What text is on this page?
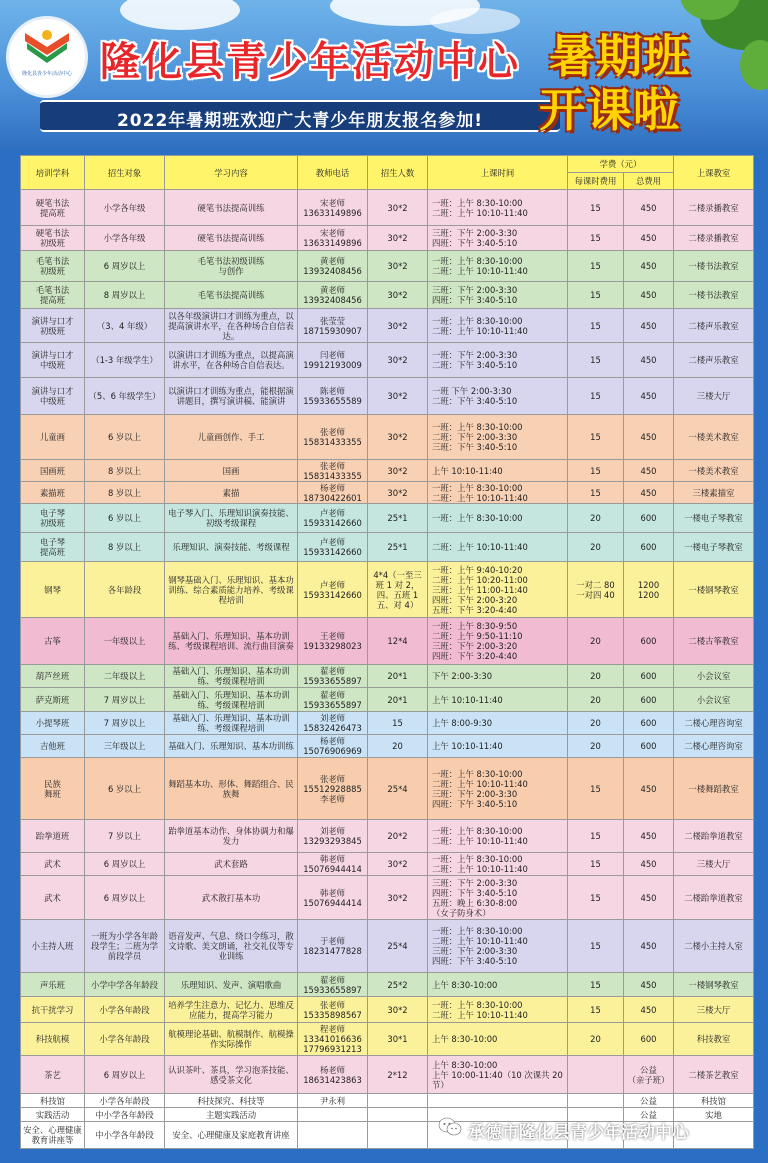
隆化县青少年活动中心 隆化县青少年活动中心
2022年暑期班欢迎广大青少年朋友报名参加!
暑期班
开课啦
培训学科	招生对象	学习内容	教师电话	招生人数	上课时间	学费（元）		上课教室
						每课时费用	总费用	
硬笔书法
提高班	小学各年级	硬笔书法提高训练	宋老师
13633149896	30*2	一班：上午 8:30-10:00
二班：上午 10:10-11:40	15	450	二楼录播教室
硬笔书法
初级班	小学各年级	硬笔书法提高训练	宋老师
13633149896	30*2	三班：下午 2:00-3:30
四班：下午 3:40-5:10	15	450	二楼录播教室
毛笔书法
初级班	6 周岁以上	毛笔书法初级训练
与创作	黄老师
13932408456	30*2	一班：上午 8:30-10:00
二班：上午 10:10-11:40	15	450	一楼书法教室
毛笔书法
提高班	8 周岁以上	毛笔书法提高训练	黄老师
13932408456	30*2	三班：下午 2:00-3:30
四班：下午 3:40-5:10	15	450	一楼书法教室
演讲与口才
初级班	（3、4 年级）	以各年级演讲口才训练为重点，以提高演讲水平，在各种场合自信表达。	张莹莹
18715930907	30*2	一班：上午 8:30-10:00
二班：上午 10:10-11:40	15	450	二楼声乐教室
演讲与口才
中级班	（1-3 年级学生）	以演讲口才训练为重点，以提高演讲水平，在各种场合自信表达。	闫老师
19912193009	30*2	一班：下午 2:00-3:30
二班：下午 3:40-5:10	15	450	二楼声乐教室
演讲与口才
中级班	（5、6 年级学生）	以演讲口才训练为重点，能根据演讲题目，撰写演讲稿、能演讲	陈老师
15933655589	30*2	一班 下午 2:00-3:30
二班：下午 3:40-5:10	15	450	三楼大厅
儿童画	6 岁以上	儿童画创作、手工	张老师
15831433355	30*2	一班：上午 8:30-10:00
二班：下午 2:00-3:30
三班：下午 3:40-5:10	15	450	一楼美术教室
国画班	8 岁以上	国画	张老师
15831433355	30*2	上午 10:10-11:40	15	450	一楼美术教室
素描班	8 岁以上	素描	杨老师
18730422601	30*2	一班：上午 8:30-10:00
二班：上午 10:10-11:40	15	450	三楼素描室
电子琴
初级班	6 岁以上	电子琴入门、乐理知识演奏技能、初级考级课程	卢老师
15933142660	25*1	一班：上午 8:30-10:00	20	600	一楼电子琴教室
电子琴
提高班	8 岁以上	乐理知识、演奏技能、考级课程	卢老师
15933142660	25*1	二班：上午 10:10-11:40	20	600	一楼电子琴教室
钢琴	各年龄段	钢琴基础入门、乐理知识、基本功训练、综合素质能力培养、考级课程培训	卢老师
15933142660	4*4（一至三班 1 对 2，四、五班 1 五、对 4）	一班：上午 9:40-10:20
二班：上午 10:20-11:00
三班：上午 11:00-11:40
四班：下午 2:00-3:20
五班：下午 3:20-4:40	一对二 80
一对四 40	1200
1200	一楼钢琴教室
古筝	一年级以上	基础入门、乐理知识、基本功训练、考级课程培训、流行曲目演奏	王老师
19133298023	12*4	一班：上午 8:30-9:50
二班：上午 9:50-11:10
三班：下午 2:00-3:20
四班：下午 3:20-4:40	20	600	二楼古筝教室
葫芦丝班	二年级以上	基础入门、乐理知识、基本功训练、考级课程培训	翟老师
15933655897	20*1	下午 2:00-3:30	20	600	小会议室
萨克斯班	7 周岁以上	基础入门、乐理知识、基本功训练、考级课程培训	翟老师
15933655897	20*1	上午 10:10-11:40	20	600	小会议室
小提琴班	7 周岁以上	基础入门、乐理知识、基本功训练、考级课程培训	刘老师
15832426473	15	上午 8:00-9:30	20	600	二楼心理咨询室
吉他班	三年级以上	基础入门、乐理知识、基本功训练	杨老师
15076906969	20	上午 10:10-11:40	20	600	二楼心理咨询室
民族
舞班	6 岁以上	舞蹈基本功、形体、舞蹈组合、民族舞	张老师
15512928885
李老师	25*4	一班：上午 8:30-10:00
二班：上午 10:10-11:40
三班：下午 2:00-3:30
四班：下午 3:40-5:10	15	450	一楼舞蹈教室
跆拳道班	7 岁以上	跆拳道基本动作、身体协调力和爆发力	刘老师
13293293845	20*2	一班：上午 8:30-10:00
二班：上午 10:10-11:40	15	450	二楼跆拳道教室
武术	6 周岁以上	武术套路	韩老师
15076944414	30*2	一班：上午 8:30-10:00
二班：上午 10:10-11:40	15	450	三楼大厅
武术	6 周岁以上	武术散打基本功	韩老师
15076944414	30*2	三班：下午 2:00-3:30
四班：下午 3:40-5:10
五班：晚上 6:30-8:00
（女子防身术）	15	450	二楼跆拳道教室
小主持人班	一班为小学各年龄段学生；二班为学前段学员	语音发声、气息、绕口令练习，散文诗歌、美文朗诵，社交礼仪等专业训练	于老师
18231477828	25*4	一班：上午 8:30-10:00
二班：上午 10:10-11:40
三班：下午 2:00-3:30
四班：下午 3:40-5:10	15	450	二楼小主持人室
声乐班	小学中学各年龄段	乐理知识、发声、演唱歌曲	翟老师
15933655897	25*2	上午 8:30-10:00	15	450	一楼钢琴教室
抗干扰学习	小学各年龄段	培养学生注意力、记忆力、思维反应能力，提高学习能力	张老师
15335898567	30*2	一班：上午 8:30-10:00
二班：上午 10:10-11:40	15	450	三楼大厅
科技航模	小学各年龄段	航模理论基础、航模制作、航模操作实际操作	程老师
13341016636
17796931213	30*1	上午 8:30-10:00	20	600	科技教室
茶艺	6 周岁以上	认识茶叶、茶具，学习泡茶技能、感受茶文化	杨老师
18631423863	2*12	上午 8:30-10:00
上午 10:00-11:40（10 次课共 20 节）		公益
（亲子班）	二楼茶艺教室
科技馆	小学各年龄段	科技探究、科技等	尹永利				公益	科技馆
实践活动	中小学各年龄段	主题实践活动					公益	实地
安全、心理健康教育讲座等	中小学各年龄段	安全、心理健康及家庭教育讲座							承德市隆化县青少年活动中心
